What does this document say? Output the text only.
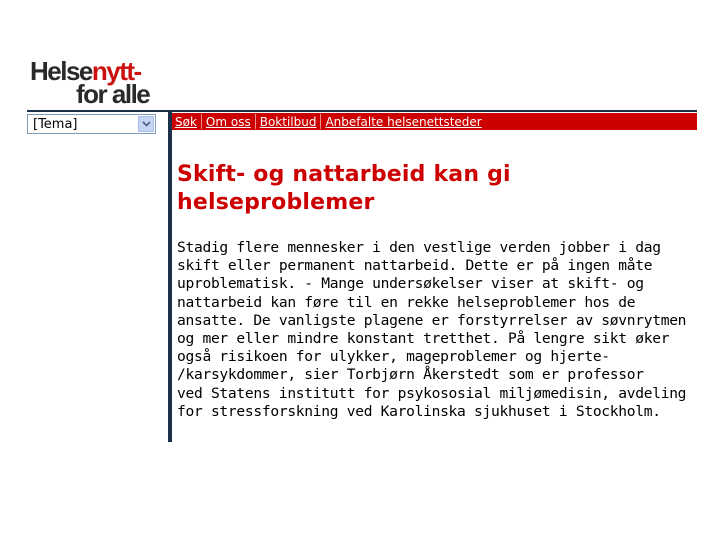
Helsenytt-
for alle
[Tema]	Søk Om oss Boktilbud Anbefalte helsenettsteder
Skift- og nattarbeid kan gi
helseproblemer
Stadig flere mennesker i den vestlige verden jobber i dag
skift eller permanent nattarbeid. Dette er på ingen måte
uproblematisk. - Mange undersøkelser viser at skift- og
nattarbeid kan føre til en rekke helseproblemer hos de
ansatte. De vanligste plagene er forstyrrelser av søvnrytmen
og mer eller mindre konstant tretthet. På lengre sikt øker
også risikoen for ulykker, mageproblemer og hjerte-
/karsykdommer, sier Torbjørn Åkerstedt som er professor
ved Statens institutt for psykososial miljømedisin, avdeling
for stressforskning ved Karolinska sjukhuset i Stockholm.
